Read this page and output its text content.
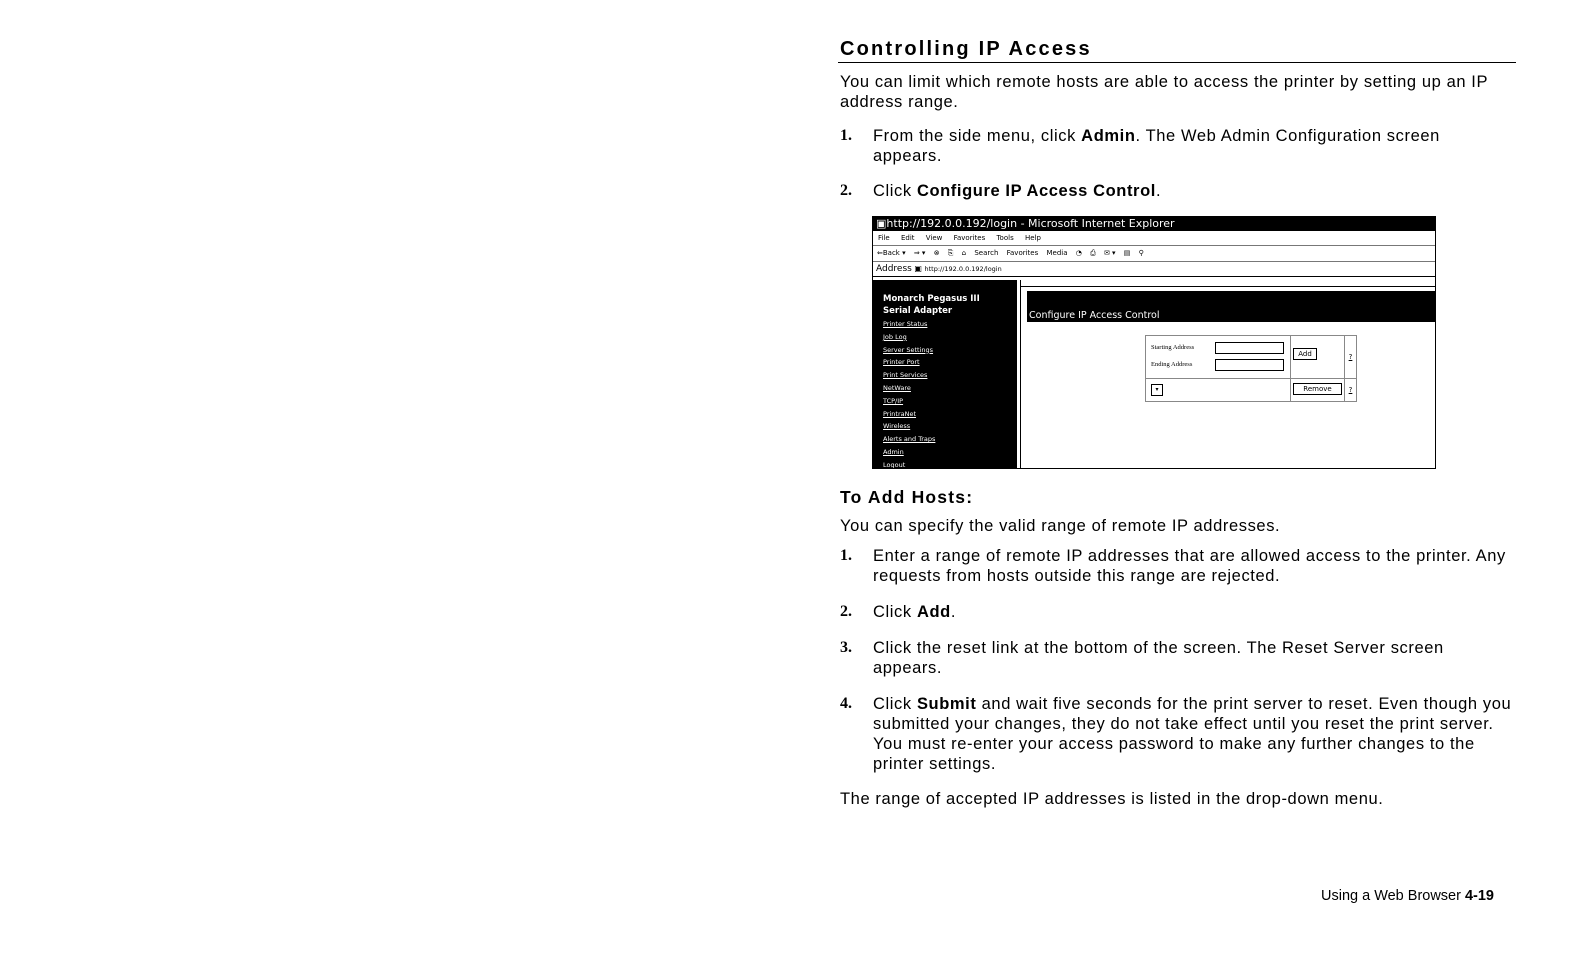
Controlling IP Access

You can limit which remote hosts are able to access the printer by setting up an IP address range.

1. From the side menu, click Admin. The Web Admin Configuration screen appears.
2. Click Configure IP Access Control.
To Add Hosts:

You can specify the valid range of remote IP addresses.

1. Enter a range of remote IP addresses that are allowed access to the printer. Any requests from hosts outside this range are rejected.
2. Click Add.
3. Click the reset link at the bottom of the screen. The Reset Server screen appears.
4. Click Submit and wait five seconds for the print server to reset. Even though you submitted your changes, they do not take effect until you reset the print server.
You must re-enter your access password to make any further changes to the printer settings.

The range of accepted IP addresses is listed in the drop-down menu.

▣http://192.0.0.192/login - Microsoft Internet Explorer
File Edit View Favorites Tools Help
⇐Back ▾ ⇒ ▾ ⊗ ⎘ ⌂ Search Favorites Media ◔ ⎙ ✉ ▾ ▤ ⚲
Address ▣ http://192.0.0.192/login
Monarch Pegasus III
Serial Adapter
Printer Status
Job Log
Server Settings
Printer Port
Print Services
NetWare
TCP/IP
PrintraNet
Wireless
Alerts and Traps
Admin
Logout
Configure IP Access Control
Starting Address
Ending Address	Add	?

▾	Remove	?
Using a Web Browser 4-19
